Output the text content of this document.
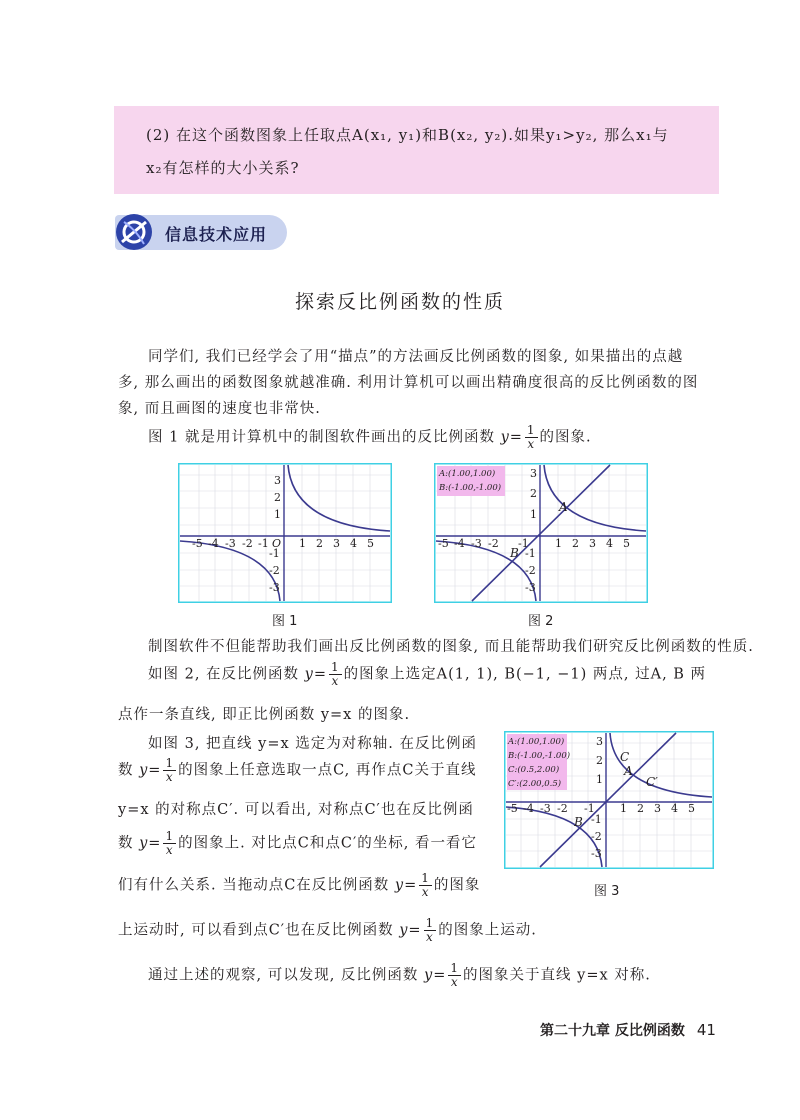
(2) 在这个函数图象上任取点A(x₁, y₁)和B(x₂, y₂).如果y₁>y₂, 那么x₁与
x₂有怎样的大小关系?
信息技术应用
探索反比例函数的性质
同学们, 我们已经学会了用“描点”的方法画反比例函数的图象, 如果描出的点越
多, 那么画出的函数图象就越准确. 利用计算机可以画出精确度很高的反比例函数的图
象, 而且画图的速度也非常快.
图 1 就是用计算机中的制图软件画出的反比例函数 $y= \frac{1}{x}$ 的图象.
-5 -4 -3 -2 -1	1 2 3 4 5
O
3
2
1
-1
-2
-3
图 1
A:(1.00,1.00)
B:(-1.00,-1.00)
-5 -4 -3 -2 -1 1 2 3 4 5
3
2
1
-1
-2
-3
A
B
图 2
制图软件不但能帮助我们画出反比例函数的图象, 而且能帮助我们研究反比例函数的性质.
如图 2, 在反比例函数 $y= \frac{1}{x}$ 的图象上选定A(1, 1), B(−1, −1) 两点, 过A, B 两
点作一条直线, 即正比例函数 y=x 的图象.
如图 3, 把直线 y=x 选定为对称轴. 在反比例函
数 $y= \frac{1}{x}$ 的图象上任意选取一点C, 再作点C关于直线
y=x 的对称点C′. 可以看出, 对称点C′也在反比例函
数 $y= \frac{1}{x}$ 的图象上. 对比点C和点C′的坐标, 看一看它
们有什么关系. 当拖动点C在反比例函数 $y= \frac{1}{x}$ 的图象
上运动时, 可以看到点C′也在反比例函数 $y= \frac{1}{x}$ 的图象上运动.
A:(1.00,1.00)
B:(-1.00,-1.00)
C:(0.5,2.00)
C′:(2.00,0.5)
-5 -4 -3 -2 -1 1 2 3 4 5
3
2
1
-1
-2
-3
C
A
C′
B
图 3
通过上述的观察, 可以发现, 反比例函数 $y= \frac{1}{x}$ 的图象关于直线 y=x 对称.
第二十九章 反比例函数 41
